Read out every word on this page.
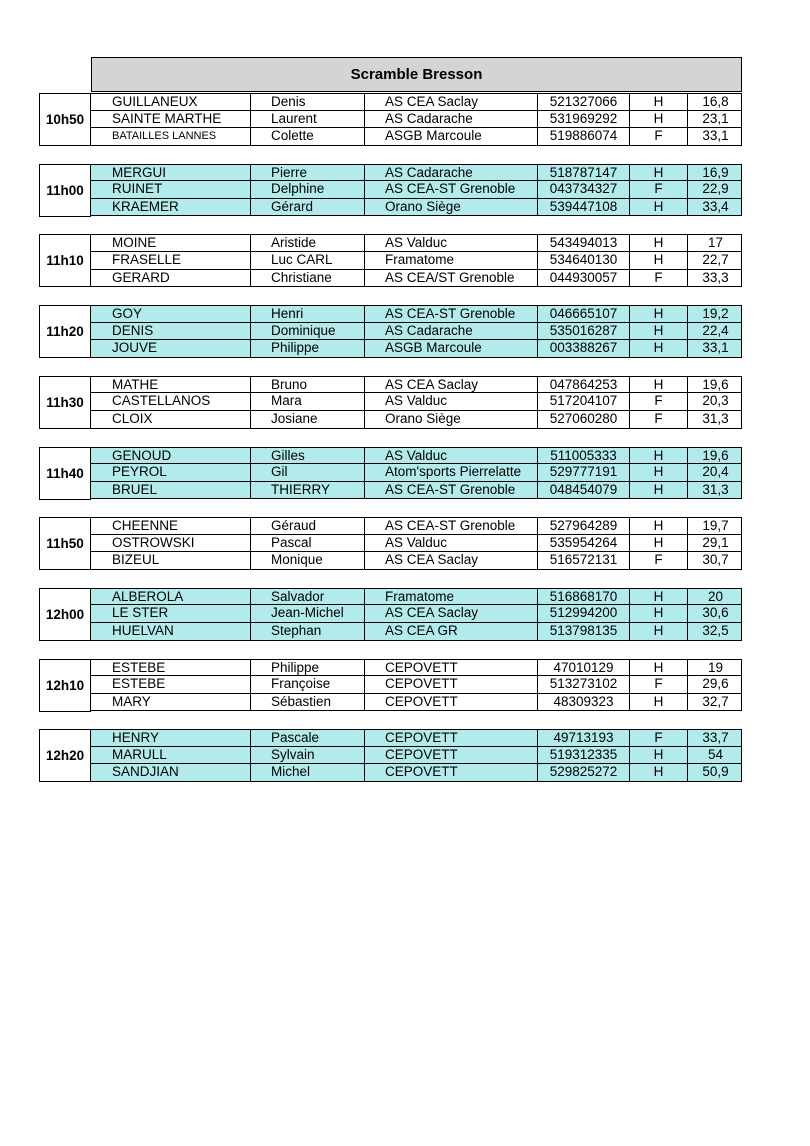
Scramble Bresson
10h50
GUILLANEUX	Denis	AS CEA Saclay	521327066	H	16,8
SAINTE MARTHE	Laurent	AS Cadarache	531969292	H	23,1
BATAILLES LANNES	Colette	ASGB Marcoule	519886074	F	33,1
11h00
MERGUI	Pierre	AS Cadarache	518787147	H	16,9
RUINET	Delphine	AS CEA-ST Grenoble	043734327	F	22,9
KRAEMER	Gérard	Orano Siège	539447108	H	33,4
11h10
MOINE	Aristide	AS Valduc	543494013	H	17
FRASELLE	Luc CARL	Framatome	534640130	H	22,7
GERARD	Christiane	AS CEA/ST Grenoble	044930057	F	33,3
11h20
GOY	Henri	AS CEA-ST Grenoble	046665107	H	19,2
DENIS	Dominique	AS Cadarache	535016287	H	22,4
JOUVE	Philippe	ASGB Marcoule	003388267	H	33,1
11h30
MATHE	Bruno	AS CEA Saclay	047864253	H	19,6
CASTELLANOS	Mara	AS Valduc	517204107	F	20,3
CLOIX	Josiane	Orano Siège	527060280	F	31,3
11h40
GENOUD	Gilles	AS Valduc	511005333	H	19,6
PEYROL	Gil	Atom'sports Pierrelatte	529777191	H	20,4
BRUEL	THIERRY	AS CEA-ST Grenoble	048454079	H	31,3
11h50
CHEENNE	Géraud	AS CEA-ST Grenoble	527964289	H	19,7
OSTROWSKI	Pascal	AS Valduc	535954264	H	29,1
BIZEUL	Monique	AS CEA Saclay	516572131	F	30,7
12h00
ALBEROLA	Salvador	Framatome	516868170	H	20
LE STER	Jean-Michel	AS CEA Saclay	512994200	H	30,6
HUELVAN	Stephan	AS CEA GR	513798135	H	32,5
12h10
ESTEBE	Philippe	CEPOVETT	47010129	H	19
ESTEBE	Françoise	CEPOVETT	513273102	F	29,6
MARY	Sébastien	CEPOVETT	48309323	H	32,7
12h20
HENRY	Pascale	CEPOVETT	49713193	F	33,7
MARULL	Sylvain	CEPOVETT	519312335	H	54
SANDJIAN	Michel	CEPOVETT	529825272	H	50,9
